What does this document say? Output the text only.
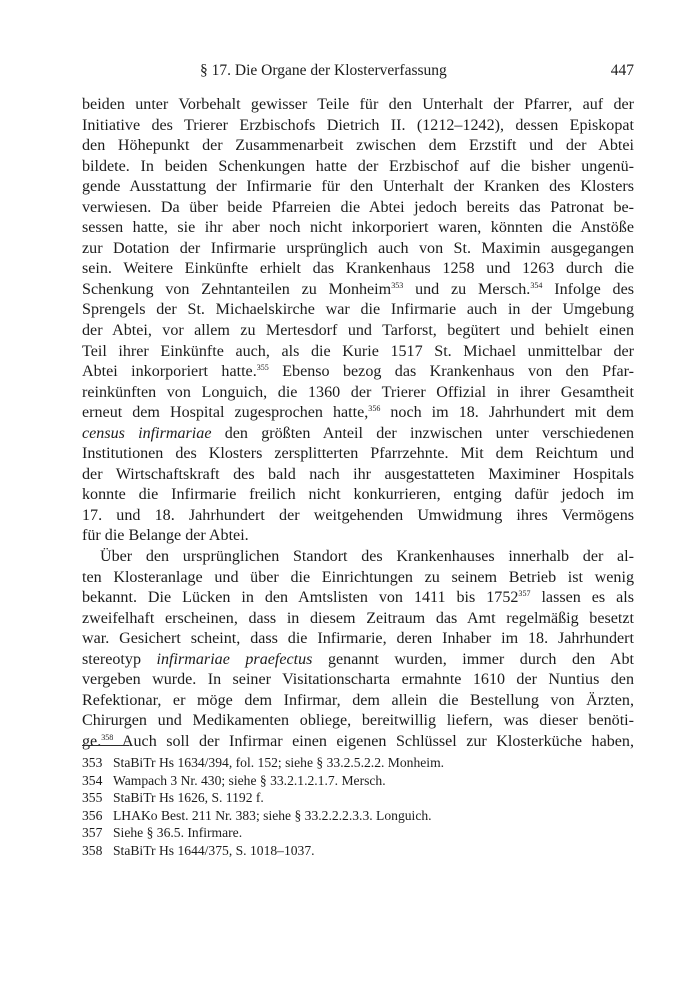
§ 17. Die Organe der Klosterverfassung	447
beiden unter Vorbehalt gewisser Teile für den Unterhalt der Pfarrer, auf der
Initiative des Trierer Erzbischofs Dietrich II. (1212–1242), dessen Episkopat
den Höhepunkt der Zusammenarbeit zwischen dem Erzstift und der Abtei
bildete. In beiden Schenkungen hatte der Erzbischof auf die bisher ungenü-
gende Ausstattung der Infirmarie für den Unterhalt der Kranken des Klosters
verwiesen. Da über beide Pfarreien die Abtei jedoch bereits das Patronat be-
sessen hatte, sie ihr aber noch nicht inkorporiert waren, könnten die Anstöße
zur Dotation der Infirmarie ursprünglich auch von St. Maximin ausgegangen
sein. Weitere Einkünfte erhielt das Krankenhaus 1258 und 1263 durch die
Schenkung von Zehntanteilen zu Monheim$^{353}$ und zu Mersch.$^{354}$ Infolge des
Sprengels der St. Michaelskirche war die Infirmarie auch in der Umgebung
der Abtei, vor allem zu Mertesdorf und Tarforst, begütert und behielt einen
Teil ihrer Einkünfte auch, als die Kurie 1517 St. Michael unmittelbar der
Abtei inkorporiert hatte.$^{355}$ Ebenso bezog das Krankenhaus von den Pfar-
reinkünften von Longuich, die 1360 der Trierer Offizial in ihrer Gesamtheit
erneut dem Hospital zugesprochen hatte,$^{356}$ noch im 18. Jahrhundert mit dem
census infirmariae den größten Anteil der inzwischen unter verschiedenen
Institutionen des Klosters zersplitterten Pfarrzehnte. Mit dem Reichtum und
der Wirtschaftskraft des bald nach ihr ausgestatteten Maximiner Hospitals
konnte die Infirmarie freilich nicht konkurrieren, entging dafür jedoch im
17. und 18. Jahrhundert der weitgehenden Umwidmung ihres Vermögens
für die Belange der Abtei.
Über den ursprünglichen Standort des Krankenhauses innerhalb der al-
ten Klosteranlage und über die Einrichtungen zu seinem Betrieb ist wenig
bekannt. Die Lücken in den Amtslisten von 1411 bis 1752$^{357}$ lassen es als
zweifelhaft erscheinen, dass in diesem Zeitraum das Amt regelmäßig besetzt
war. Gesichert scheint, dass die Infirmarie, deren Inhaber im 18. Jahrhundert
stereotyp infirmariae praefectus genannt wurden, immer durch den Abt
vergeben wurde. In seiner Visitationscharta ermahnte 1610 der Nuntius den
Refektionar, er möge dem Infirmar, dem allein die Bestellung von Ärzten,
Chirurgen und Medikamenten obliege, bereitwillig liefern, was dieser benöti-
ge.$^{358}$ Auch soll der Infirmar einen eigenen Schlüssel zur Klosterküche haben,
353 StaBiTr Hs 1634/394, fol. 152; siehe § 33.2.5.2.2. Monheim.
354 Wampach 3 Nr. 430; siehe § 33.2.1.2.1.7. Mersch.
355 StaBiTr Hs 1626, S. 1192 f.
356 LHAKo Best. 211 Nr. 383; siehe § 33.2.2.2.3.3. Longuich.
357 Siehe § 36.5. Infirmare.
358 StaBiTr Hs 1644/375, S. 1018–1037.
